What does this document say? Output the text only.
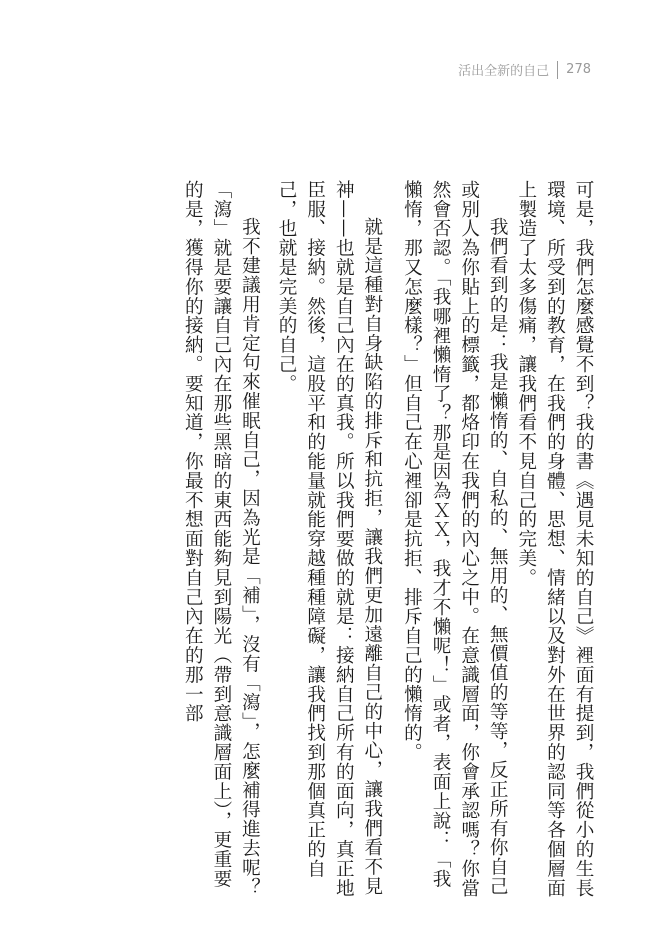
活出全新的自己 278

可是，我們怎麼感覺不到？我的書《遇見未知的自己》裡面有提到，我們從小的生長環境、所受到的教育，在我們的身體、思想、情緒以及對外在世界的認同等各個層面上製造了太多傷痛，讓我們看不見自己的完美。

我們看到的是：我是懶惰的、自私的、無用的、無價值的等等，反正所有你自己或別人為你貼上的標籤，都烙印在我們的內心之中。在意識層面，你會承認嗎？你當然會否認。「我哪裡懶惰了？那是因為ＸＸ，我才不懶呢！」或者，表面上說：「我懶惰，那又怎麼樣？」但自己在心裡卻是抗拒、排斥自己的懶惰的。

就是這種對自身缺陷的排斥和抗拒，讓我們更加遠離自己的中心，讓我們看不見神——也就是自己內在的真我。所以我們要做的就是：接納自己所有的面向，真正地臣服、接納。然後，這股平和的能量就能穿越種種障礙，讓我們找到那個真正的自己，也就是完美的自己。

我不建議用肯定句來催眠自己，因為光是「補」，沒有「瀉」，怎麼補得進去呢？「瀉」就是要讓自己內在那些黑暗的東西能夠見到陽光（帶到意識層面上），更重要的是，獲得你的接納。要知道，你最不想面對自己內在的那一部
